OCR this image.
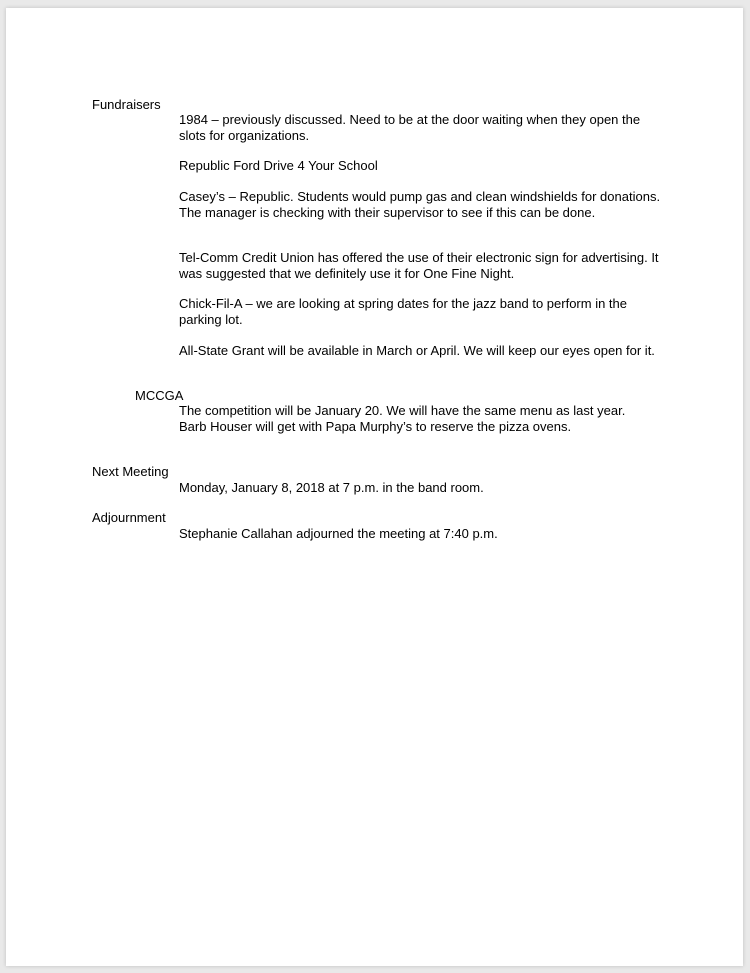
Fundraisers

1984 – previously discussed. Need to be at the door waiting when they open the slots for organizations.

Republic Ford Drive 4 Your School

Casey’s – Republic. Students would pump gas and clean windshields for donations. The manager is checking with their supervisor to see if this can be done.

Tel-Comm Credit Union has offered the use of their electronic sign for advertising. It was suggested that we definitely use it for One Fine Night.

Chick-Fil-A – we are looking at spring dates for the jazz band to perform in the parking lot.

All-State Grant will be available in March or April. We will keep our eyes open for it.

MCCGA

The competition will be January 20. We will have the same menu as last year.

Barb Houser will get with Papa Murphy’s to reserve the pizza ovens.

Next Meeting

Monday, January 8, 2018 at 7 p.m. in the band room.

Adjournment

Stephanie Callahan adjourned the meeting at 7:40 p.m.
